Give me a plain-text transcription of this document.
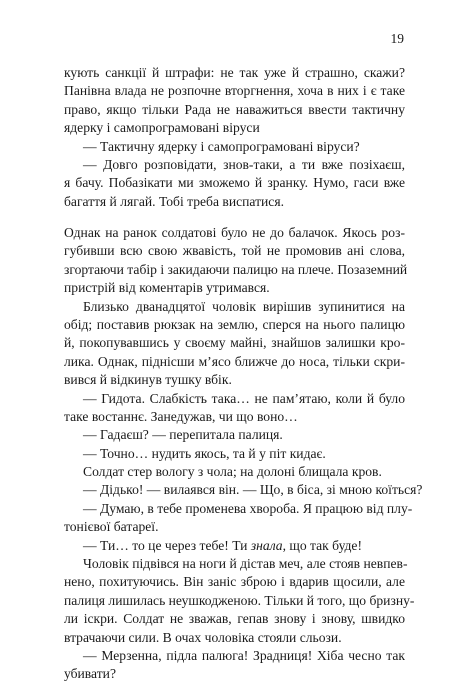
19
кують санкції й штрафи: не так уже й страшно, скажи?
Панівна влада не розпочне вторгнення, хоча в них і є таке
право, якщо тільки Рада не наважиться ввести тактичну
ядерку і самопрограмовані віруси
— Тактичну ядерку і самопрограмовані віруси?
— Довго розповідати, знов-таки, а ти вже позіхаєш,
я бачу. Побазікати ми зможемо й зранку. Нумо, гаси вже
багаття й лягай. Тобі треба виспатися.
Однак на ранок солдатові було не до балачок. Якось роз-
губивши всю свою жвавість, той не промовив ані слова,
згортаючи табір і закидаючи палицю на плече. Позаземний
пристрій від коментарів утримався.
Близько дванадцятої чоловік вирішив зупинитися на
обід; поставив рюкзак на землю, сперся на нього палицю
й, покопувавшись у своєму майні, знайшов залишки кро-
лика. Однак, піднісши м’ясо ближче до носа, тільки скри-
вився й відкинув тушку вбік.
— Гидота. Слабкість така… не пам’ятаю, коли й було
таке востаннє. Занедужав, чи що воно…
— Гадаєш? — перепитала палиця.
— Точно… нудить якось, та й у піт кидає.
Солдат стер вологу з чола; на долоні блищала кров.
— Дідько! — вилаявся він. — Що, в біса, зі мною коїться?
— Думаю, в тебе променева хвороба. Я працюю від плу-
тонієвої батареї.
— Ти… то це через тебе! Ти знала, що так буде!
Чоловік підвівся на ноги й дістав меч, але стояв невпев-
нено, похитуючись. Він заніс зброю і вдарив щосили, але
палиця лишилась неушкодженою. Тільки й того, що бризну-
ли іскри. Солдат не зважав, гепав знову і знову, швидко
втрачаючи сили. В очах чоловіка стояли сльози.
— Мерзенна, підла палюга! Зрадниця! Хіба чесно так
убивати?
